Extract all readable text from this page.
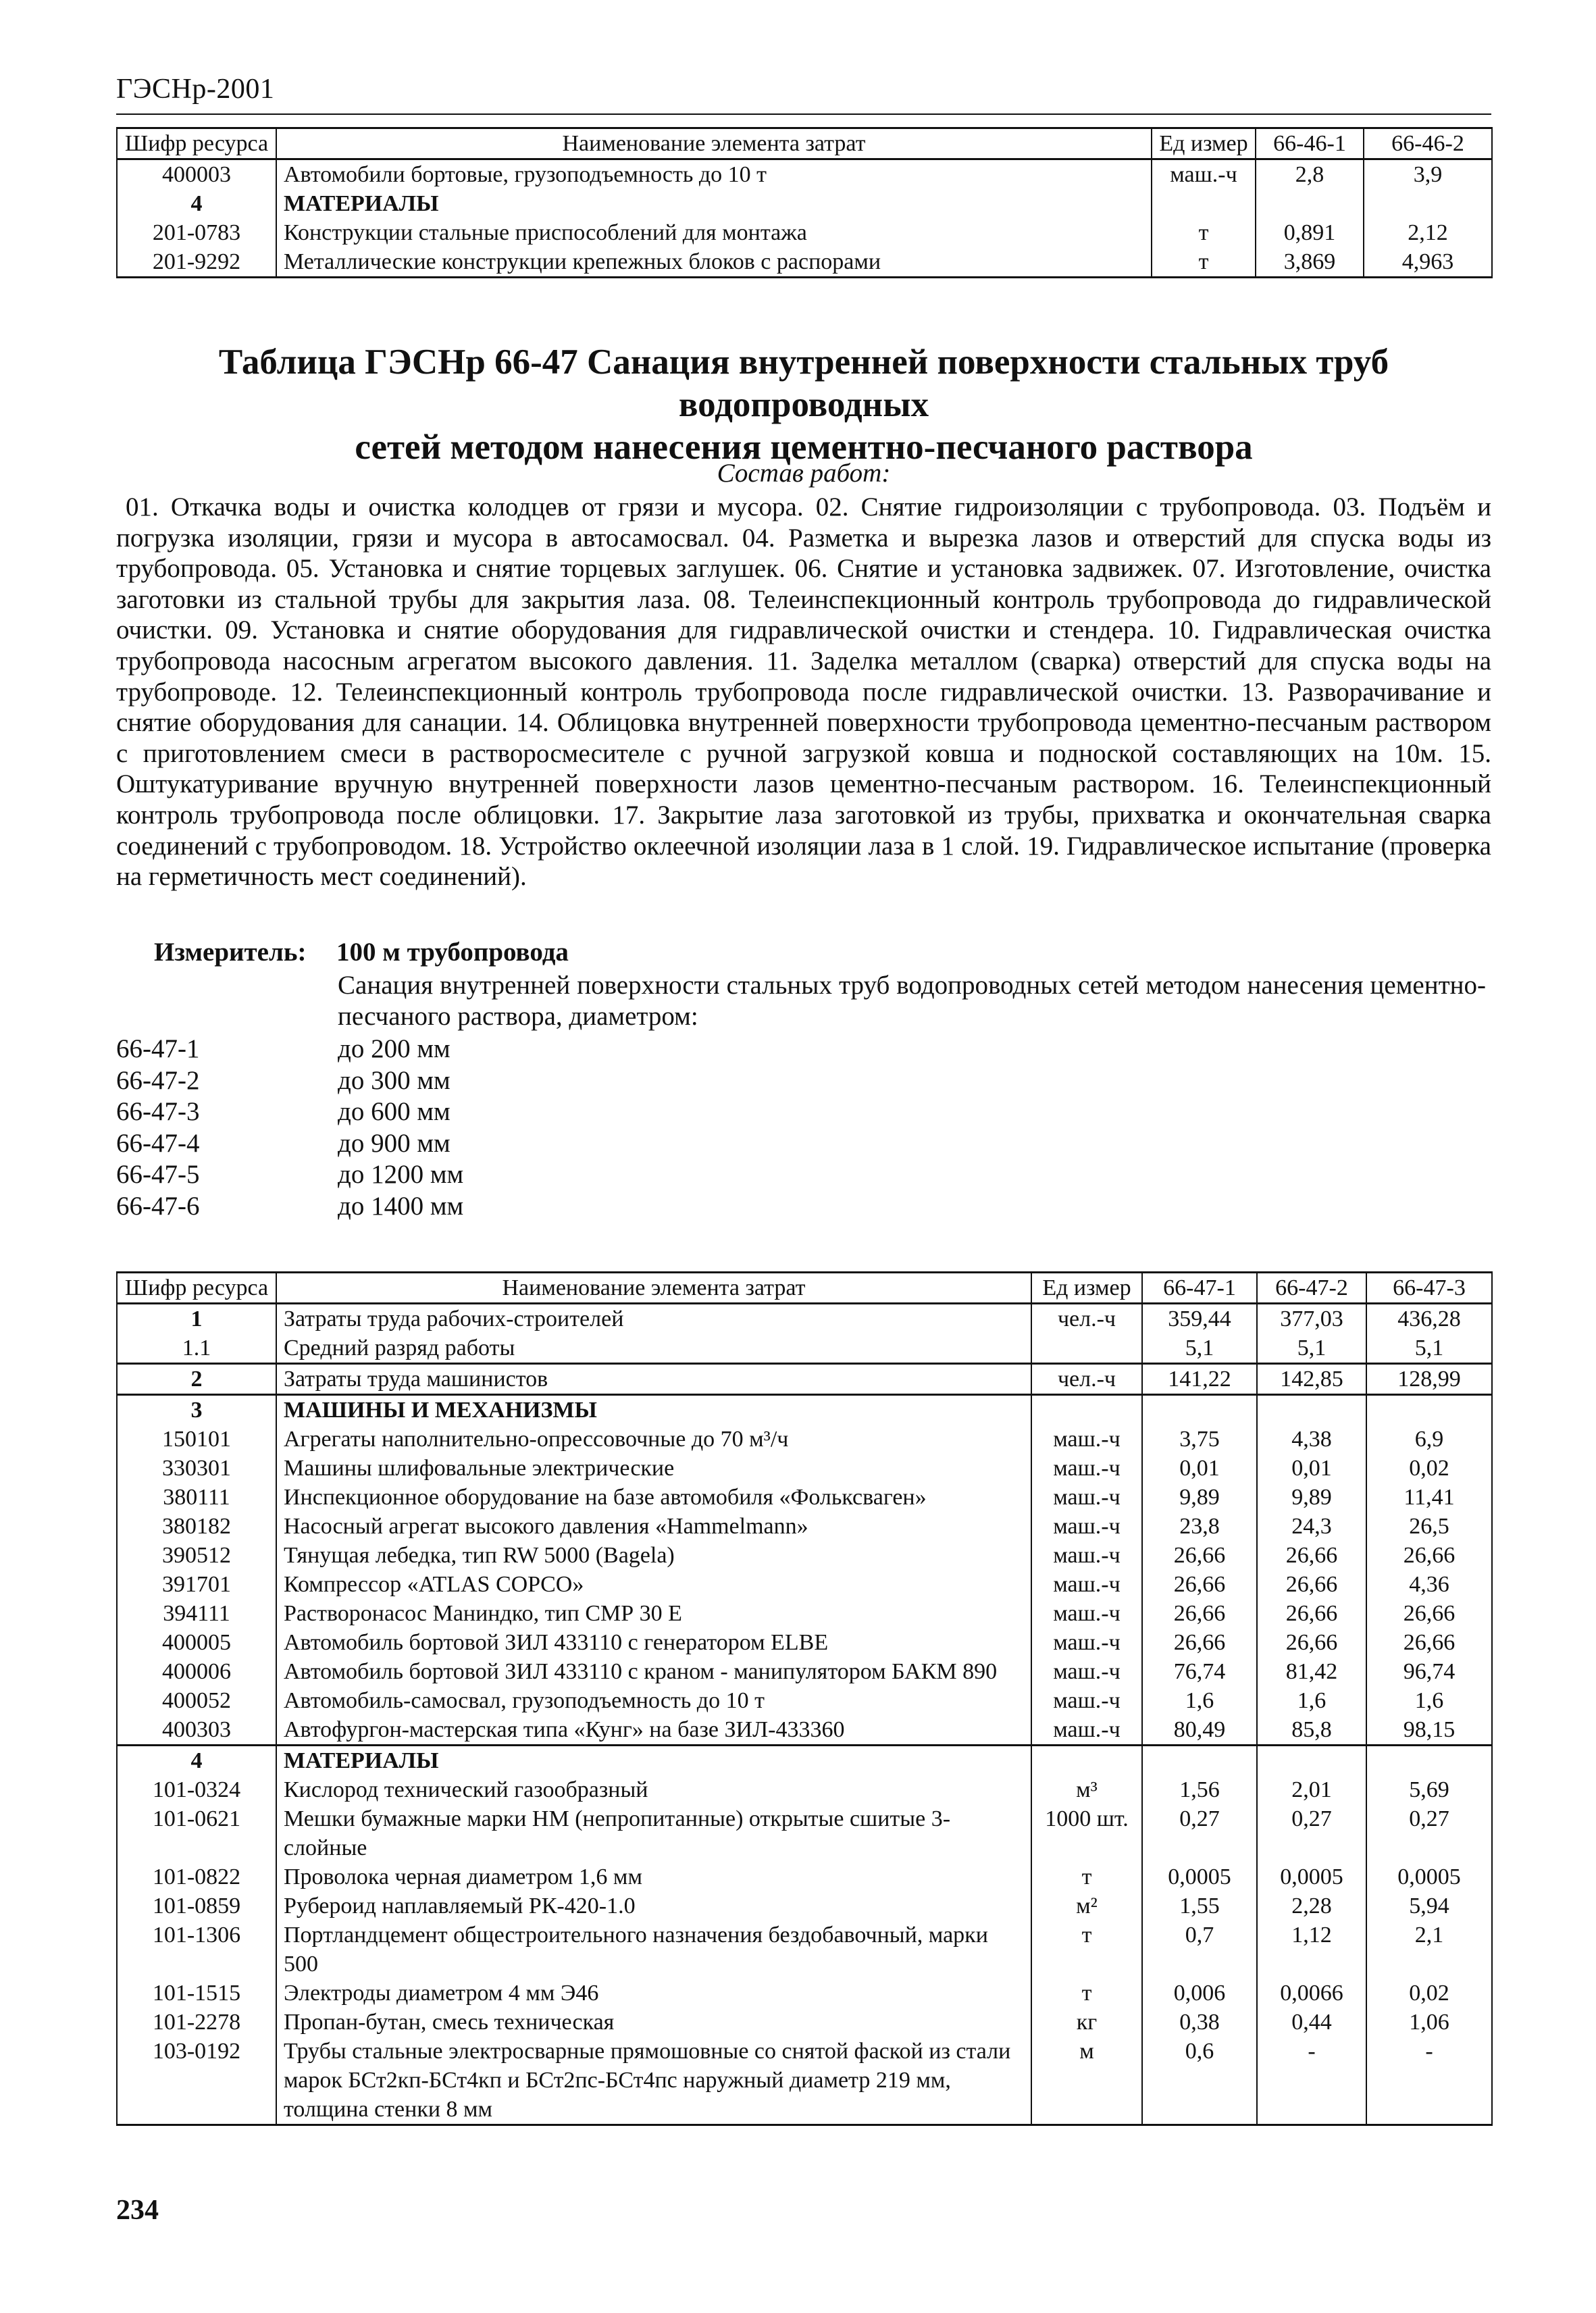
ГЭСНр-2001
Шифр ресурса	Наименование элемента затрат	Ед измер	66-46-1	66-46-2
400003	Автомобили бортовые, грузоподъемность до 10 т	маш.-ч	2,8	3,9
4	МАТЕРИАЛЫ			
201-0783	Конструкции стальные приспособлений для монтажа	т	0,891	2,12
201-9292	Металлические конструкции крепежных блоков с распорами	т	3,869	4,963
Таблица ГЭСНр 66-47 Санация внутренней поверхности стальных труб водопроводных
сетей методом нанесения цементно-песчаного раствора
Состав работ:
01. Откачка воды и очистка колодцев от грязи и мусора. 02. Снятие гидроизоляции с трубопровода. 03. Подъём и погрузка изоляции, грязи и мусора в автосамосвал. 04. Разметка и вырезка лазов и отверстий для спуска воды из трубопровода. 05. Установка и снятие торцевых заглушек. 06. Снятие и установка задвижек. 07. Изготовление, очистка заготовки из стальной трубы для закрытия лаза. 08. Телеинспекционный контроль трубопровода до гидравлической очистки. 09. Установка и снятие оборудования для гидравлической очистки и стендера. 10. Гидравлическая очистка трубопровода насосным агрегатом высокого давления. 11. Заделка металлом (сварка) отверстий для спуска воды на трубопроводе. 12. Телеинспекционный контроль трубопровода после гидравлической очистки. 13. Разворачивание и снятие оборудования для санации. 14. Облицовка внутренней поверхности трубопровода цементно-песчаным раствором с приготовлением смеси в растворосмесителе с ручной загрузкой ковша и подноской составляющих на 10м. 15. Оштукатуривание вручную внутренней поверхности лазов цементно-песчаным раствором. 16. Телеинспекционный контроль трубопровода после облицовки. 17. Закрытие лаза заготовкой из трубы, прихватка и окончательная сварка соединений с трубопроводом. 18. Устройство оклеечной изоляции лаза в 1 слой. 19. Гидравлическое испытание (проверка на герметичность мест соединений).
Измеритель: 100 м трубопровода
Санация внутренней поверхности стальных труб водопроводных сетей методом нанесения цементно-песчаного раствора, диаметром:
66-47-1	до 200 мм
66-47-2	до 300 мм
66-47-3	до 600 мм
66-47-4	до 900 мм
66-47-5	до 1200 мм
66-47-6	до 1400 мм
Шифр ресурса	Наименование элемента затрат	Ед измер	66-47-1	66-47-2	66-47-3
1	Затраты труда рабочих-строителей	чел.-ч	359,44	377,03	436,28
1.1	Средний разряд работы		5,1	5,1	5,1
2	Затраты труда машинистов	чел.-ч	141,22	142,85	128,99
3	МАШИНЫ И МЕХАНИЗМЫ				
150101	Агрегаты наполнительно-опрессовочные до 70 м³/ч	маш.-ч	3,75	4,38	6,9
330301	Машины шлифовальные электрические	маш.-ч	0,01	0,01	0,02
380111	Инспекционное оборудование на базе автомобиля «Фольксваген»	маш.-ч	9,89	9,89	11,41
380182	Насосный агрегат высокого давления «Hammelmann»	маш.-ч	23,8	24,3	26,5
390512	Тянущая лебедка, тип RW 5000 (Bagela)	маш.-ч	26,66	26,66	26,66
391701	Компрессор «ATLAS COPCO»	маш.-ч	26,66	26,66	4,36
394111	Растворонасос Маниндко, тип СМР 30 Е	маш.-ч	26,66	26,66	26,66
400005	Автомобиль бортовой ЗИЛ 433110 с генератором ELBE	маш.-ч	26,66	26,66	26,66
400006	Автомобиль бортовой ЗИЛ 433110 с краном - манипулятором БАКМ 890	маш.-ч	76,74	81,42	96,74
400052	Автомобиль-самосвал, грузоподъемность до 10 т	маш.-ч	1,6	1,6	1,6
400303	Автофургон-мастерская типа «Кунг» на базе ЗИЛ-433360	маш.-ч	80,49	85,8	98,15
4	МАТЕРИАЛЫ				
101-0324	Кислород технический газообразный	м³	1,56	2,01	5,69
101-0621	Мешки бумажные марки НМ (непропитанные) открытые сшитые 3-слойные	1000 шт.	0,27	0,27	0,27
101-0822	Проволока черная диаметром 1,6 мм	т	0,0005	0,0005	0,0005
101-0859	Рубероид наплавляемый РК-420-1.0	м²	1,55	2,28	5,94
101-1306	Портландцемент общестроительного назначения бездобавочный, марки 500	т	0,7	1,12	2,1
101-1515	Электроды диаметром 4 мм Э46	т	0,006	0,0066	0,02
101-2278	Пропан-бутан, смесь техническая	кг	0,38	0,44	1,06
103-0192	Трубы стальные электросварные прямошовные со снятой фаской из стали марок БСт2кп-БСт4кп и БСт2пс-БСт4пс наружный диаметр 219 мм, толщина стенки 8 мм	м	0,6	-	-
234
